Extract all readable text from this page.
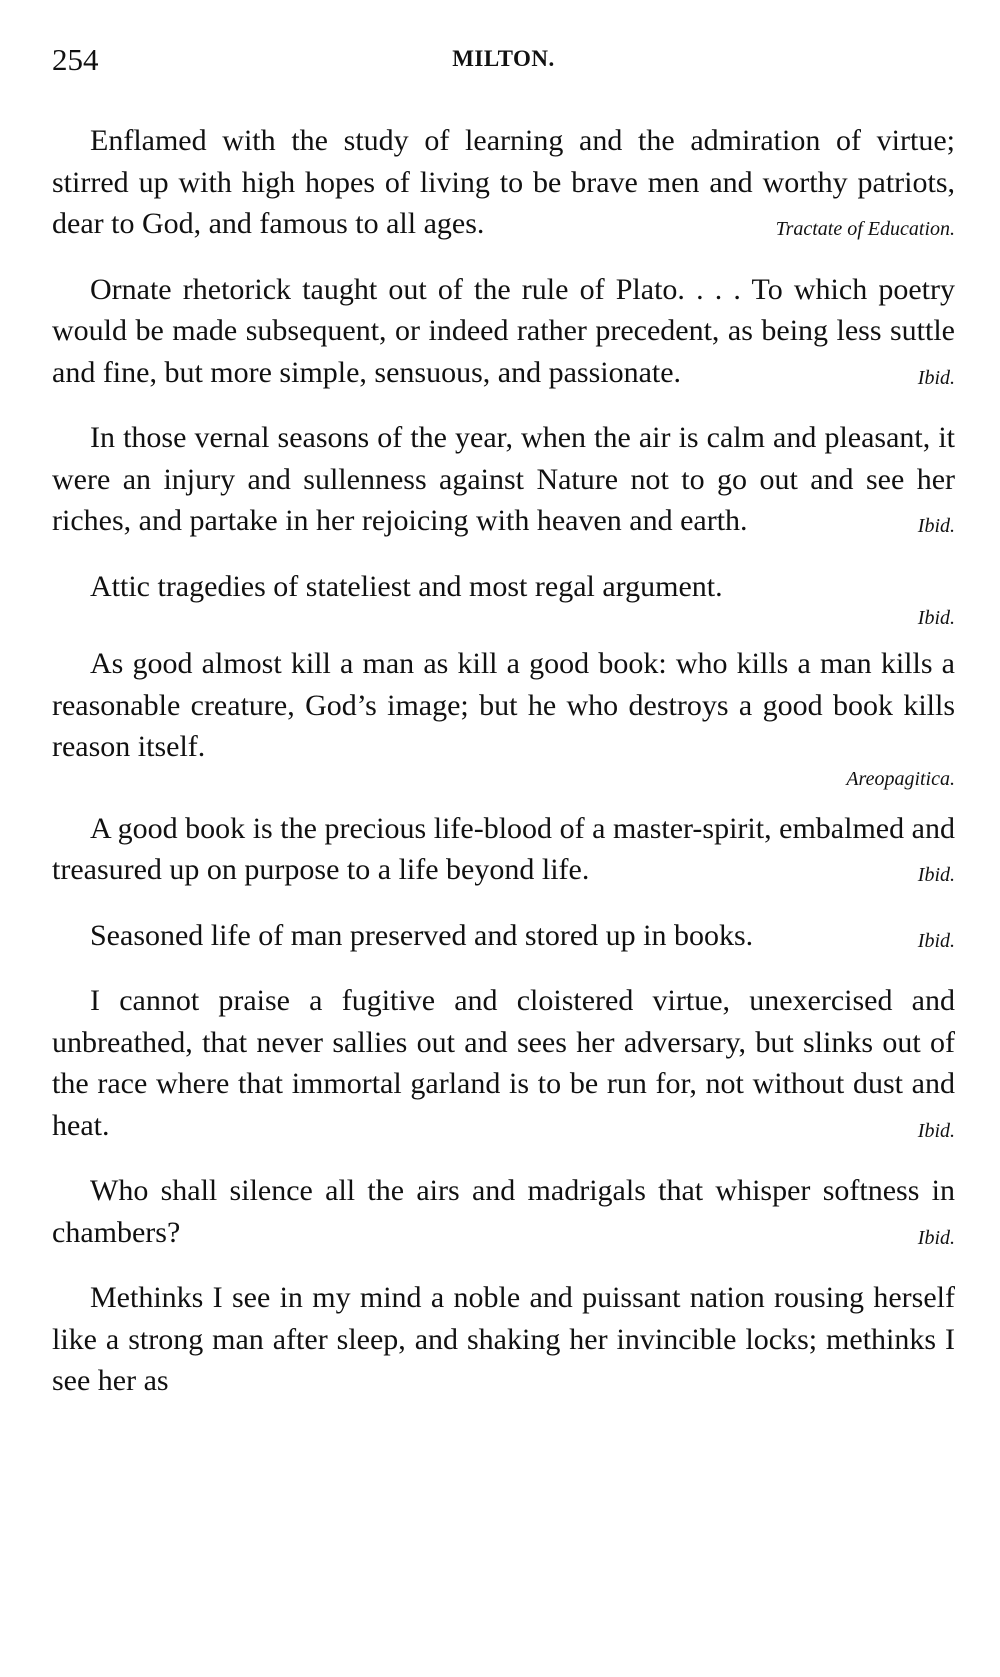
254	MILTON.

Enflamed with the study of learning and the admiration of virtue; stirred up with high hopes of living to be brave men and worthy patriots, dear to God, and famous to all ages.	Tractate of Education.

Ornate rhetorick taught out of the rule of Plato. . . . To which poetry would be made subsequent, or indeed rather precedent, as being less suttle and fine, but more simple, sensuous, and passionate.	Ibid.

In those vernal seasons of the year, when the air is calm and pleasant, it were an injury and sullenness against Nature not to go out and see her riches, and partake in her rejoicing with heaven and earth.	Ibid.

Attic tragedies of stateliest and most regal argument.

Ibid.

As good almost kill a man as kill a good book: who kills a man kills a reasonable creature, God’s image; but he who destroys a good book kills reason itself.

Areopagitica.

A good book is the precious life-blood of a master-spirit, embalmed and treasured up on purpose to a life beyond life.	Ibid.

Seasoned life of man preserved and stored up in books.	Ibid.

I cannot praise a fugitive and cloistered virtue, unexercised and unbreathed, that never sallies out and sees her adversary, but slinks out of the race where that immortal garland is to be run for, not without dust and heat.	Ibid.

Who shall silence all the airs and madrigals that whisper softness in chambers?	Ibid.

Methinks I see in my mind a noble and puissant nation rousing herself like a strong man after sleep, and shaking her invincible locks; methinks I see her as
